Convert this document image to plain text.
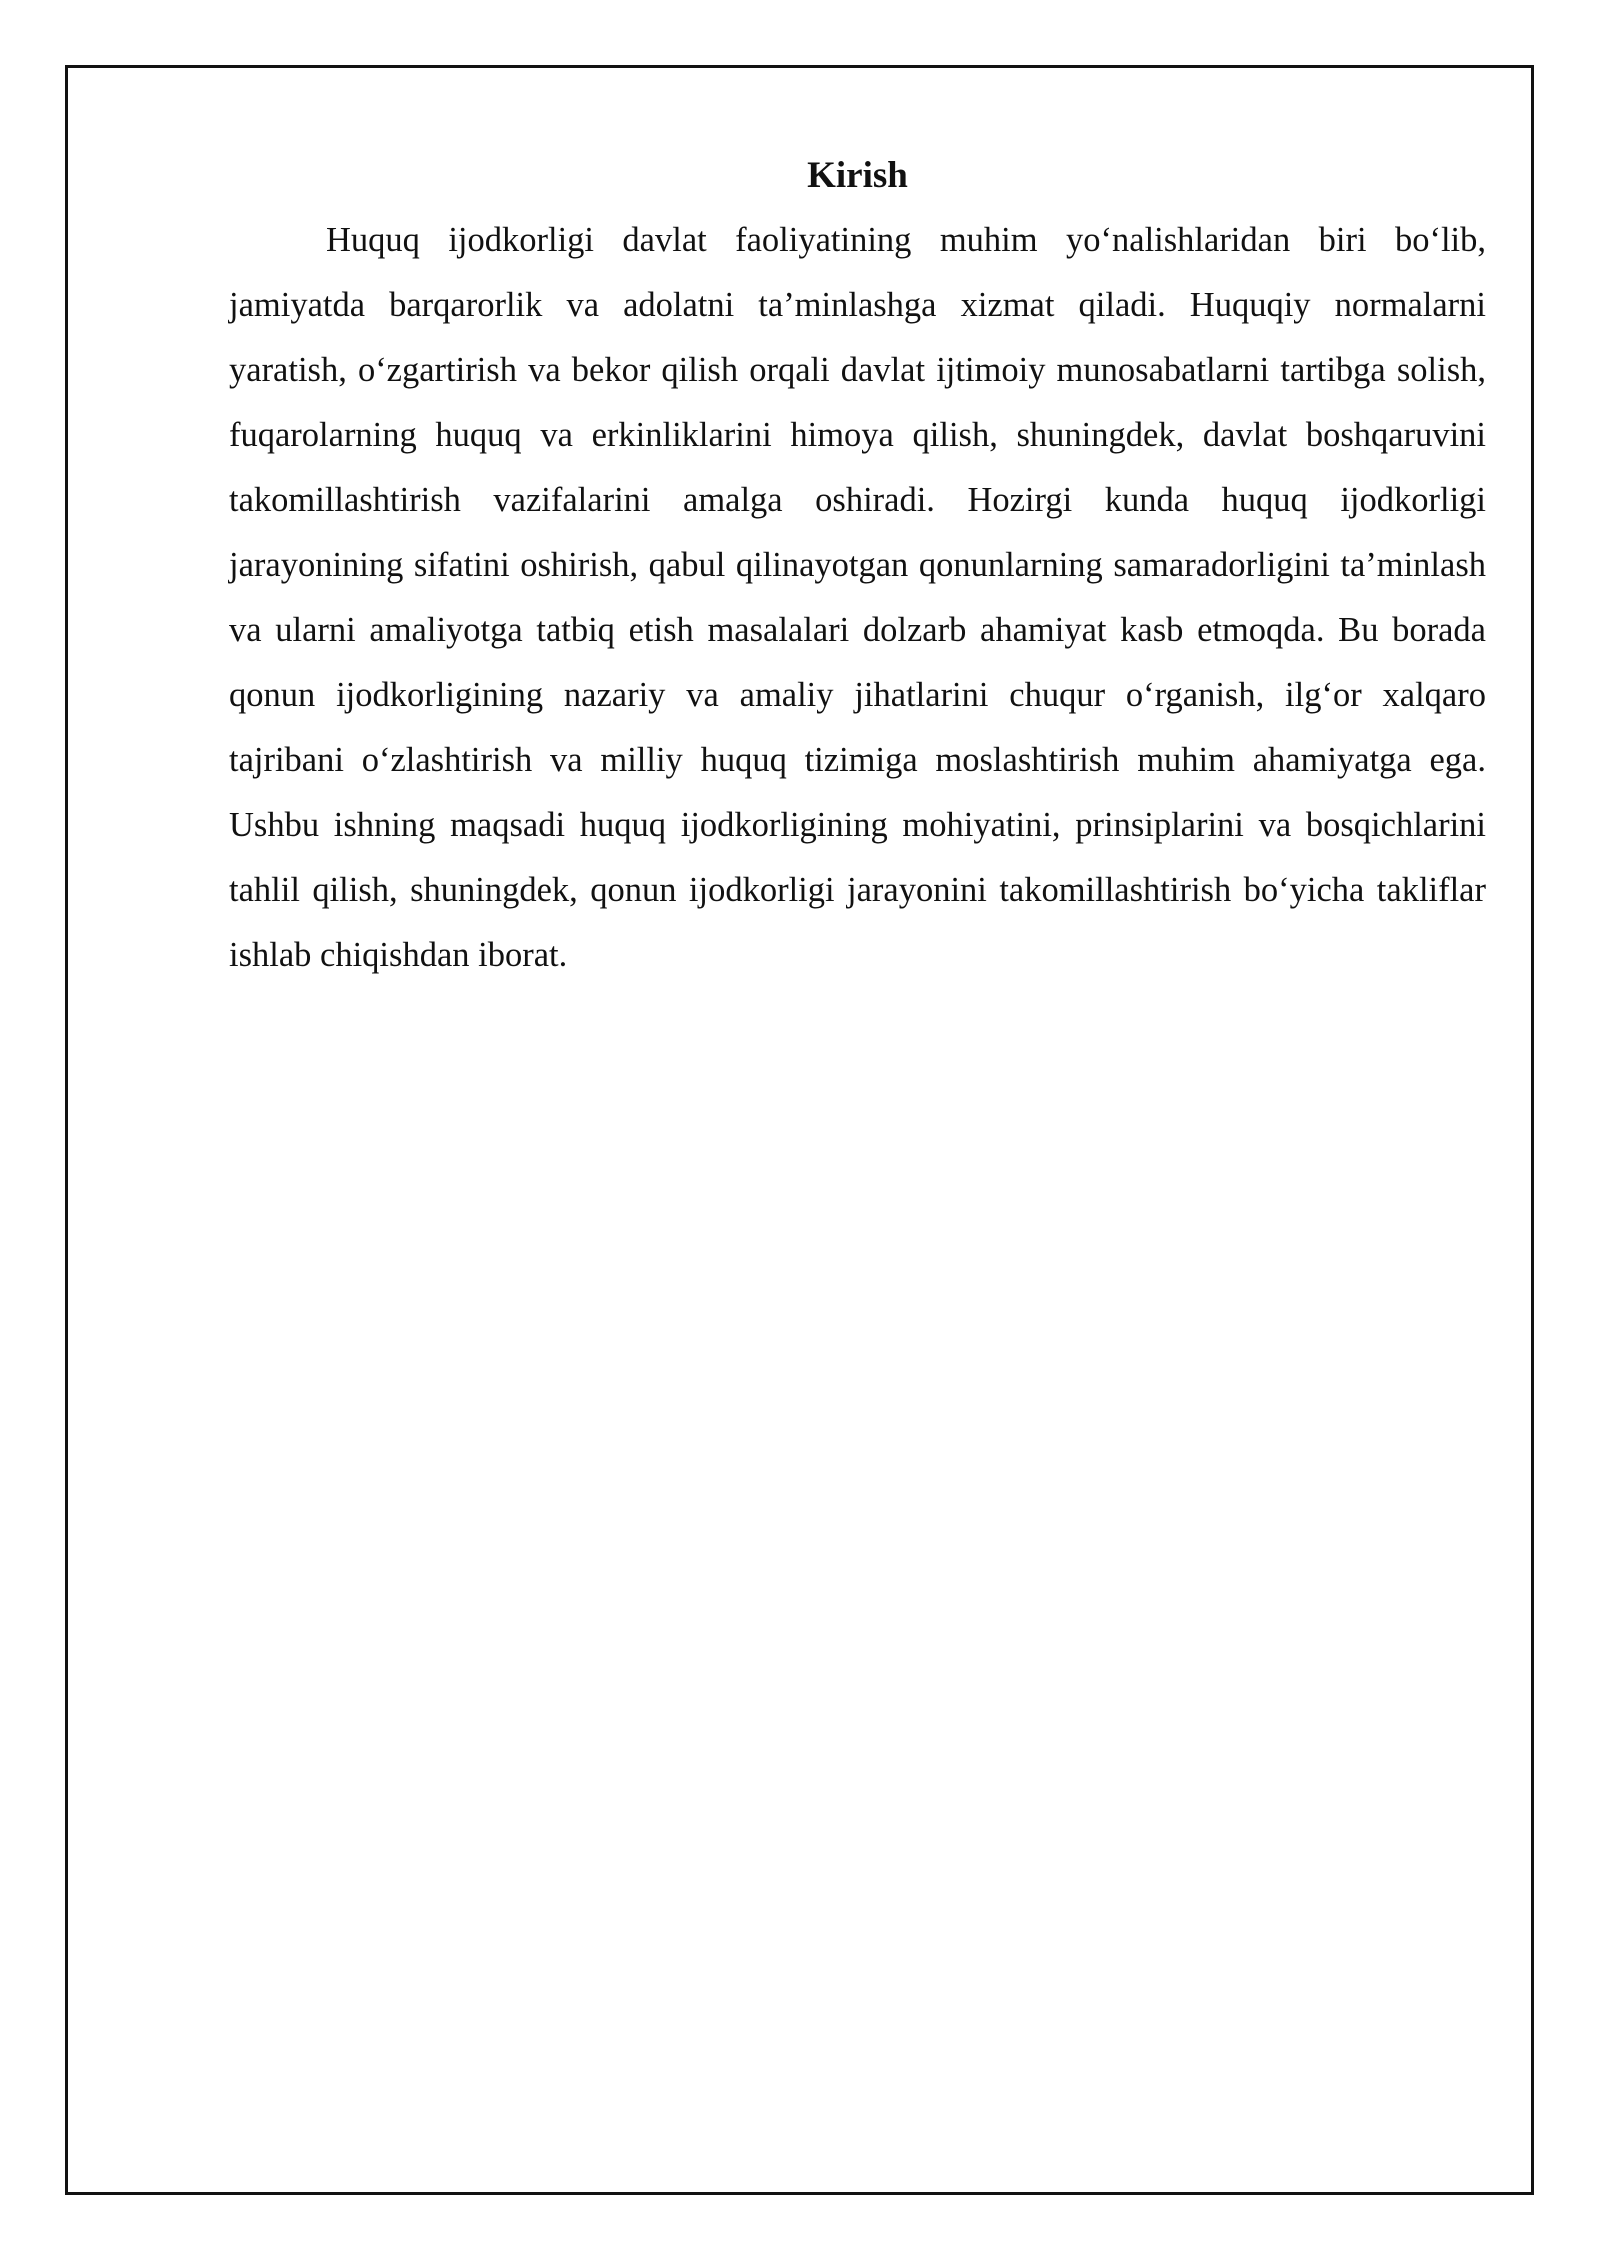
Kirish

Huquq ijodkorligi davlat faoliyatining muhim yo‘nalishlaridan biri bo‘lib, jamiyatda barqarorlik va adolatni ta’minlashga xizmat qiladi. Huquqiy normalarni yaratish, o‘zgartirish va bekor qilish orqali davlat ijtimoiy munosabatlarni tartibga solish, fuqarolarning huquq va erkinliklarini himoya qilish, shuningdek, davlat boshqaruvini takomillashtirish vazifalarini amalga oshiradi. Hozirgi kunda huquq ijodkorligi jarayonining sifatini oshirish, qabul qilinayotgan qonunlarning samaradorligini ta’minlash va ularni amaliyotga tatbiq etish masalalari dolzarb ahamiyat kasb etmoqda. Bu borada qonun ijodkorligining nazariy va amaliy jihatlarini chuqur o‘rganish, ilg‘or xalqaro tajribani o‘zlashtirish va milliy huquq tizimiga moslashtirish muhim ahamiyatga ega. Ushbu ishning maqsadi huquq ijodkorligining mohiyatini, prinsiplarini va bosqichlarini tahlil qilish, shuningdek, qonun ijodkorligi jarayonini takomillashtirish bo‘yicha takliflar ishlab chiqishdan iborat.
